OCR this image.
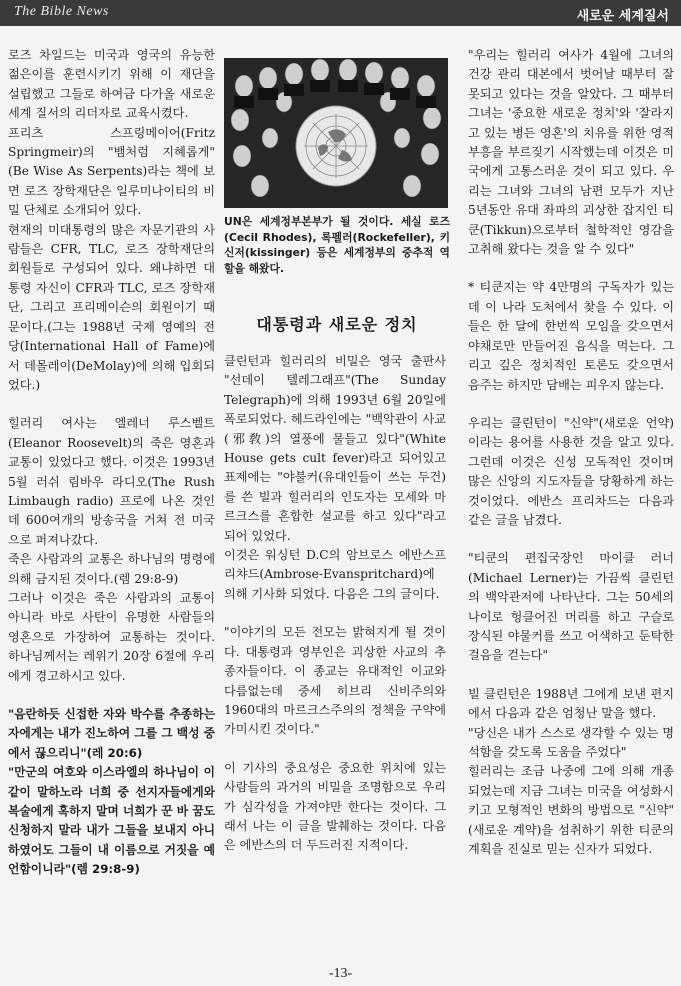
The Bible News	새로운 세계질서

로즈 차일드는 미국과 영국의 유능한 젊은이를 훈련시키기 위해 이 재단을 설립했고 그들로 하여금 다가올 새로운 세계 질서의 리더자로 교육시켰다.

프리츠 스프링메이어(Fritz Springmeir)의 "뱀처럼 지혜롭게"(Be Wise As Serpents)라는 책에 보면 로즈 장학재단은 일루미나이티의 비밀 단체로 소개되어 있다.

현재의 미대통령의 많은 자문기관의 사람들은 CFR, TLC, 로즈 장학재단의 회원들로 구성되어 있다. 왜냐하면 대통령 자신이 CFR과 TLC, 로즈 장학재단, 그리고 프리메이슨의 회원이기 때문이다.(그는 1988년 국제 영예의 전당(International Hall of Fame)에서 데몰레이(DeMolay)에 의해 입회되었다.)

힐러리 여사는 엘레너 루스벨트(Eleanor Roosevelt)의 죽은 영혼과 교통이 있었다고 했다. 이것은 1993년 5월 러쉬 림바우 라디오(The Rush Limbaugh radio) 프로에 나온 것인데 600여개의 방송국을 거쳐 전 미국으로 퍼져나갔다.

죽은 사람과의 교통은 하나님의 명령에 의해 금지된 것이다.(렘 29:8-9)

그러나 이것은 죽은 사람과의 교통이 아니라 바로 사탄이 유명한 사람들의 영혼으로 가장하여 교통하는 것이다. 하나님께서는 레위기 20장 6절에 우리에게 경고하시고 있다.

"음란하듯 신접한 자와 박수를 추종하는 자에게는 내가 진노하여 그를 그 백성 중에서 끊으리니"(레 20:6)

"만군의 여호와 이스라엘의 하나님이 이같이 말하노라 너희 중 선지자들에게와 복술에게 혹하지 말며 너희가 꾼 바 꿈도 신청하지 말라 내가 그들을 보내지 아니하였어도 그들이 내 이름으로 거짓을 예언함이니라"(렘 29:8-9)

UN은 세계정부본부가 될 것이다. 세실 로즈(Cecil Rhodes), 록펠러(Rockefeller), 키신저(kissinger) 등은 세계정부의 중추적 역할을 해왔다.
대통령과 새로운 정치

클린턴과 힐러리의 비밀은 영국 출판사 "선데이 텔레그래프"(The Sunday Telegraph)에 의해 1993년 6월 20일에 폭로되었다. 헤드라인에는 "백악관이 사교(邪敎)의 열풍에 물들고 있다"(White House gets cult fever)라고 되어있고 표제에는 "야불커(유대인들이 쓰는 두건)를 쓴 빌과 힐러리의 인도자는 모세와 마르크스를 혼합한 설교를 하고 있다"라고 되어 있었다.

이것은 워싱턴 D.C의 암브로스 에반스프리챠드(Ambrose-Evanspritchard)에 의해 기사화 되었다. 다음은 그의 글이다.

"이야기의 모든 전모는 밝혀지게 될 것이다. 대통령과 영부인은 괴상한 사교의 추종자들이다. 이 종교는 유대적인 이교와 다름없는데 중세 히브리 신비주의와 1960대의 마르크스주의의 정책을 구약에 가미시킨 것이다."

이 기사의 중요성은 중요한 위치에 있는 사람들의 과거의 비밀을 조명함으로 우리가 심각성을 가져야만 한다는 것이다. 그래서 나는 이 글을 발췌하는 것이다. 다음은 에반스의 더 두드러진 지적이다.

"우리는 힐러리 여사가 4월에 그녀의 건강 관리 대본에서 벗어날 때부터 잘못되고 있다는 것을 알았다. 그 때부터 그녀는 '중요한 새로운 정치'와 '잘라지고 있는 병든 영혼'의 치유를 위한 영적 부흥을 부르짖기 시작했는데 이것은 미국에게 고통스러운 것이 되고 있다. 우리는 그녀와 그녀의 남편 모두가 지난 5년동안 유대 좌파의 괴상한 잡지인 티쿤(Tikkun)으로부터 철학적인 영감을 고취해 왔다는 것을 알 수 있다"

* 티쿤지는 약 4만명의 구독자가 있는데 이 나라 도처에서 찾을 수 있다. 이들은 한 달에 한번씩 모임을 갖으면서 야채로만 만들어진 음식을 먹는다. 그리고 깊은 정치적인 토론도 갖으면서 음주는 하지만 담배는 피우지 않는다.

우리는 클린턴이 "신약"(새로운 언약)이라는 용어를 사용한 것을 알고 있다. 그런데 이것은 신성 모독적인 것이며 많은 신앙의 지도자들을 당황하게 하는 것이었다. 에반스 프리차드는 다음과 같은 글을 남겼다.

"티쿤의 편집국장인 마이클 러너(Michael Lerner)는 가끔씩 클린턴의 백악관저에 나타난다. 그는 50세의 나이로 헝클어진 머리를 하고 구슬로 장식된 야물커를 쓰고 어색하고 둔탁한 걸음을 걷는다"

빌 클린턴은 1988년 그에게 보낸 편지에서 다음과 같은 엄청난 말을 했다.

"당신은 내가 스스로 생각할 수 있는 명석함을 갖도록 도움을 주었다"

힐러리는 조금 나중에 그에 의해 개종되었는데 지금 그녀는 미국을 여성화시키고 모형적인 변화의 방법으로 "신약"(새로운 계약)을 섬취하기 위한 티쿤의 계획을 진실로 믿는 신자가 되었다.

-13-
